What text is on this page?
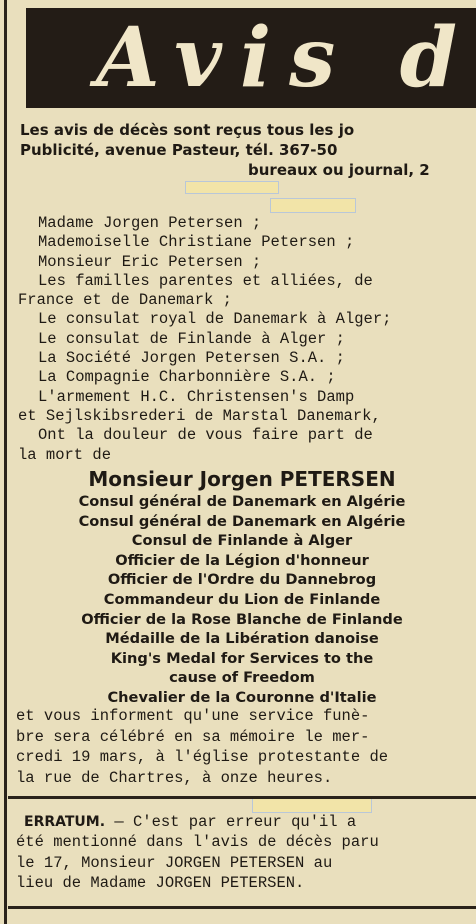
Avis d
Les avis de décès sont reçus tous les jo
Publicité, avenue Pasteur, tél. 367-50
bureaux ou journal, 2
Madame Jorgen Petersen ;
Mademoiselle Christiane Petersen ;
Monsieur Eric Petersen ;
Les familles parentes et alliées, de
France et de Danemark ;
Le consulat royal de Danemark à Alger;
Le consulat de Finlande à Alger ;
La Société Jorgen Petersen S.A. ;
La Compagnie Charbonnière S.A. ;
L'armement H.C. Christensen's Damp
et Sejlskibsrederi de Marstal Danemark,
Ont la douleur de vous faire part de
la mort de
Monsieur Jorgen PETERSEN
Consul général de Danemark en Algérie
Consul général de Danemark en Algérie
Consul de Finlande à Alger
Officier de la Légion d'honneur
Officier de l'Ordre du Dannebrog
Commandeur du Lion de Finlande
Officier de la Rose Blanche de Finlande
Médaille de la Libération danoise
King's Medal for Services to the
cause of Freedom
Chevalier de la Couronne d'Italie
et vous informent qu'une service funè-
bre sera célébré en sa mémoire le mer-
credi 19 mars, à l'église protestante de
la rue de Chartres, à onze heures.
ERRATUM. — C'est par erreur qu'il a
été mentionné dans l'avis de décès paru
le 17, Monsieur JORGEN PETERSEN au
lieu de Madame JORGEN PETERSEN.
